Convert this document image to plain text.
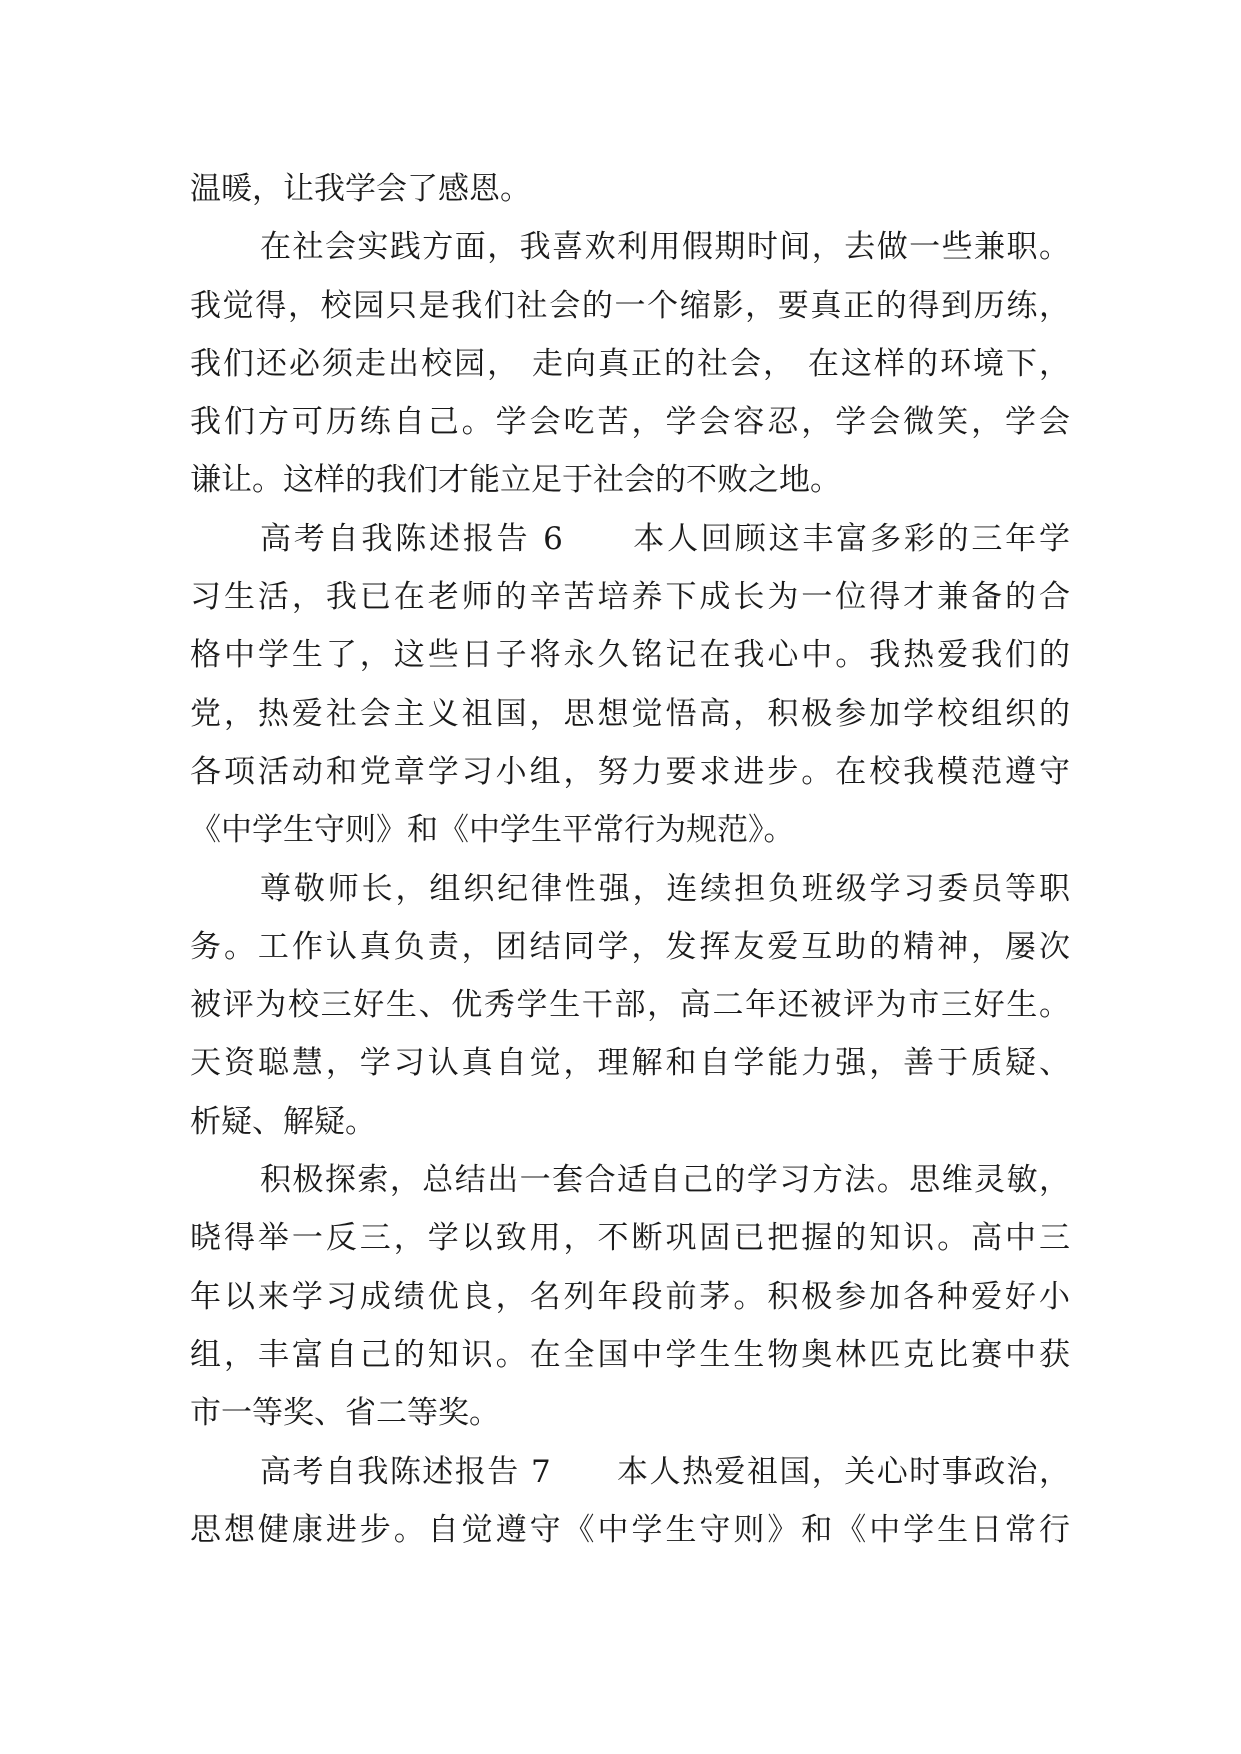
温暖，让我学会了感恩。
在社会实践方面，我喜欢利用假期时间，去做一些兼职。
我觉得，校园只是我们社会的一个缩影，要真正的得到历练，
我们还必须走出校园， 走向真正的社会， 在这样的环境下，
我们方可历练自己。学会吃苦，学会容忍，学会微笑，学会
谦让。这样的我们才能立足于社会的不败之地。
高考自我陈述报告 6　　本人回顾这丰富多彩的三年学
习生活，我已在老师的辛苦培养下成长为一位得才兼备的合
格中学生了，这些日子将永久铭记在我心中。我热爱我们的
党，热爱社会主义祖国，思想觉悟高，积极参加学校组织的
各项活动和党章学习小组，努力要求进步。在校我模范遵守
《中学生守则》和《中学生平常行为规范》。
尊敬师长，组织纪律性强，连续担负班级学习委员等职
务。工作认真负责，团结同学，发挥友爱互助的精神，屡次
被评为校三好生、优秀学生干部，高二年还被评为市三好生。
天资聪慧，学习认真自觉，理解和自学能力强，善于质疑、
析疑、解疑。
积极探索，总结出一套合适自己的学习方法。思维灵敏，
晓得举一反三，学以致用，不断巩固已把握的知识。高中三
年以来学习成绩优良，名列年段前茅。积极参加各种爱好小
组，丰富自己的知识。在全国中学生生物奥林匹克比赛中获
市一等奖、省二等奖。
高考自我陈述报告 7　　本人热爱祖国，关心时事政治，
思想健康进步。自觉遵守《中学生守则》和《中学生日常行
